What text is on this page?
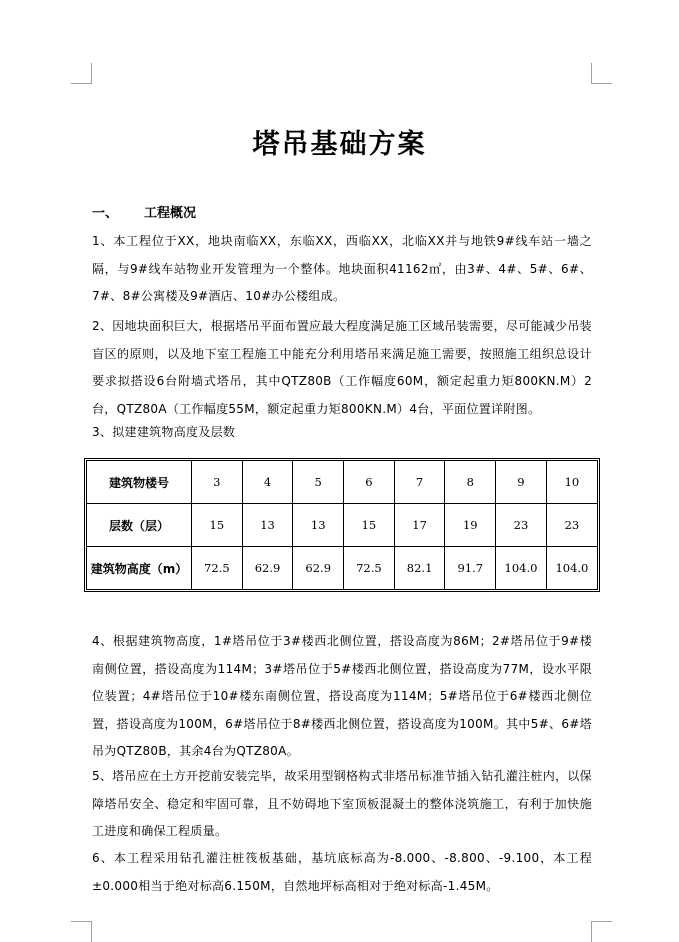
塔吊基础方案
一、 工程概况
1、本工程位于XX，地块南临XX，东临XX，西临XX，北临XX并与地铁9#线车站一墙之隔，与9#线车站物业开发管理为一个整体。地块面积41162㎡，由3#、4#、5#、6#、7#、8#公寓楼及9#酒店、10#办公楼组成。
2、因地块面积巨大，根据塔吊平面布置应最大程度满足施工区域吊装需要，尽可能减少吊装盲区的原则，以及地下室工程施工中能充分利用塔吊来满足施工需要，按照施工组织总设计要求拟搭设6台附墙式塔吊，其中QTZ80B（工作幅度60M，额定起重力矩800KN.M）2台，QTZ80A（工作幅度55M，额定起重力矩800KN.M）4台，平面位置详附图。
3、拟建建筑物高度及层数
建筑物楼号	3	4	5	6	7	8	9	10
层数（层）	15	13	13	15	17	19	23	23
建筑物高度（m）	72.5	62.9	62.9	72.5	82.1	91.7	104.0	104.0
4、根据建筑物高度，1#塔吊位于3#楼西北侧位置，搭设高度为86M；2#塔吊位于9#楼南侧位置，搭设高度为114M；3#塔吊位于5#楼西北侧位置，搭设高度为77M，设水平限位装置；4#塔吊位于10#楼东南侧位置，搭设高度为114M；5#塔吊位于6#楼西北侧位置，搭设高度为100M，6#塔吊位于8#楼西北侧位置，搭设高度为100M。其中5#、6#塔吊为QTZ80B，其余4台为QTZ80A。
5、塔吊应在土方开挖前安装完毕，故采用型钢格构式非塔吊标准节插入钻孔灌注桩内，以保障塔吊安全、稳定和牢固可靠，且不妨碍地下室顶板混凝土的整体浇筑施工，有利于加快施工进度和确保工程质量。
6、本工程采用钻孔灌注桩筏板基础，基坑底标高为-8.000、-8.800、-9.100，本工程±0.000相当于绝对标高6.150M，自然地坪标高相对于绝对标高-1.45M。
